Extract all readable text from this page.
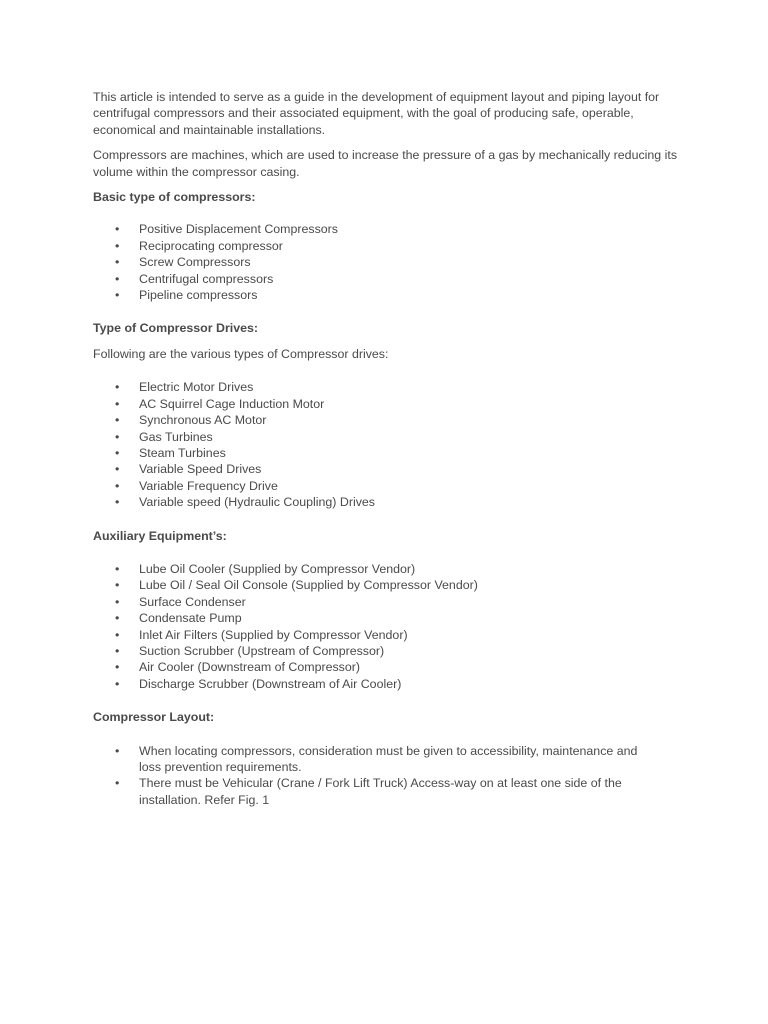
This article is intended to serve as a guide in the development of equipment layout and piping layout for centrifugal compressors and their associated equipment, with the goal of producing safe, operable, economical and maintainable installations.

Compressors are machines, which are used to increase the pressure of a gas by mechanically reducing its volume within the compressor casing.

Basic type of compressors:

• Positive Displacement Compressors
• Reciprocating compressor
• Screw Compressors
• Centrifugal compressors
• Pipeline compressors

Type of Compressor Drives:

Following are the various types of Compressor drives:

• Electric Motor Drives
• AC Squirrel Cage Induction Motor
• Synchronous AC Motor
• Gas Turbines
• Steam Turbines
• Variable Speed Drives
• Variable Frequency Drive
• Variable speed (Hydraulic Coupling) Drives

Auxiliary Equipment’s:

• Lube Oil Cooler (Supplied by Compressor Vendor)
• Lube Oil / Seal Oil Console (Supplied by Compressor Vendor)
• Surface Condenser
• Condensate Pump
• Inlet Air Filters (Supplied by Compressor Vendor)
• Suction Scrubber (Upstream of Compressor)
• Air Cooler (Downstream of Compressor)
• Discharge Scrubber (Downstream of Air Cooler)

Compressor Layout:

• When locating compressors, consideration must be given to accessibility, maintenance and loss prevention requirements.
• There must be Vehicular (Crane / Fork Lift Truck) Access-way on at least one side of the installation. Refer Fig. 1
